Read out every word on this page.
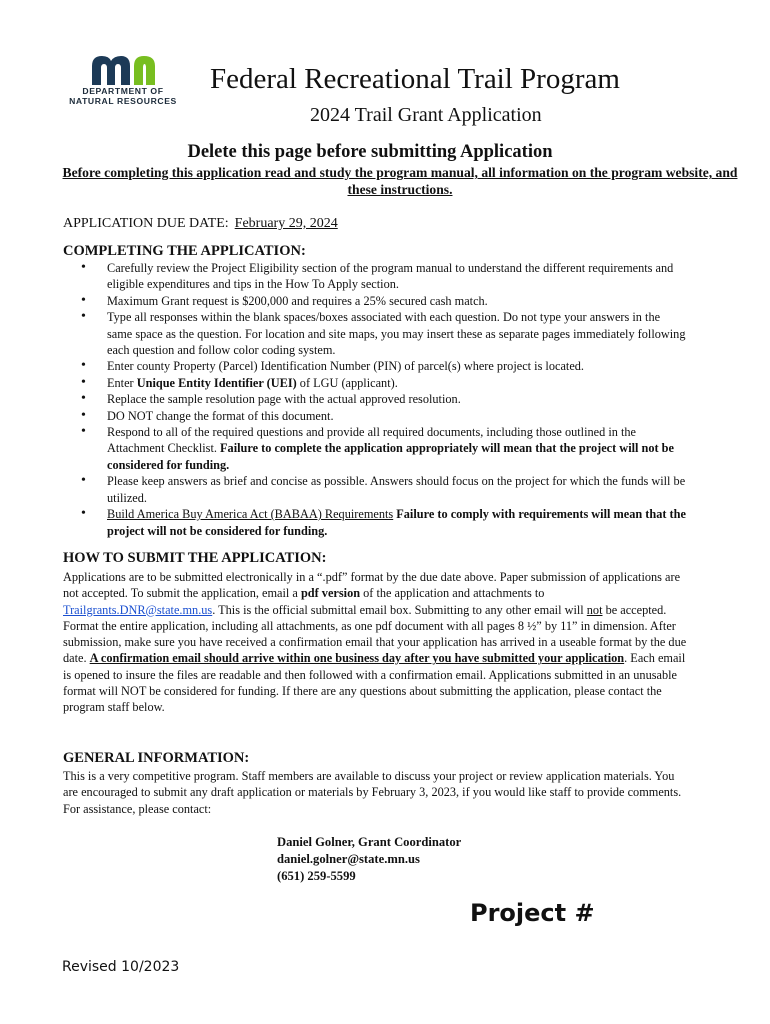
DEPARTMENT OF
NATURAL RESOURCES
Federal Recreational Trail Program
2024 Trail Grant Application
Delete this page before submitting Application
Before completing this application read and study the program manual, all information on the program website, and these instructions.
APPLICATION DUE DATE: February 29, 2024
COMPLETING THE APPLICATION:
• Carefully review the Project Eligibility section of the program manual to understand the different requirements and eligible expenditures and tips in the How To Apply section.
• Maximum Grant request is $200,000 and requires a 25% secured cash match.
• Type all responses within the blank spaces/boxes associated with each question. Do not type your answers in the same space as the question. For location and site maps, you may insert these as separate pages immediately following each question and follow color coding system.
• Enter county Property (Parcel) Identification Number (PIN) of parcel(s) where project is located.
• Enter Unique Entity Identifier (UEI) of LGU (applicant).
• Replace the sample resolution page with the actual approved resolution.
• DO NOT change the format of this document.
• Respond to all of the required questions and provide all required documents, including those outlined in the Attachment Checklist. Failure to complete the application appropriately will mean that the project will not be considered for funding.
• Please keep answers as brief and concise as possible. Answers should focus on the project for which the funds will be utilized.
• Build America Buy America Act (BABAA) Requirements Failure to comply with requirements will mean that the project will not be considered for funding.
HOW TO SUBMIT THE APPLICATION:
Applications are to be submitted electronically in a “.pdf” format by the due date above. Paper submission of applications are not accepted. To submit the application, email a pdf version of the application and attachments to Trailgrants.DNR@state.mn.us. This is the official submittal email box. Submitting to any other email will not be accepted. Format the entire application, including all attachments, as one pdf document with all pages 8 ½” by 11” in dimension. After submission, make sure you have received a confirmation email that your application has arrived in a useable format by the due date. A confirmation email should arrive within one business day after you have submitted your application. Each email is opened to insure the files are readable and then followed with a confirmation email. Applications submitted in an unusable format will NOT be considered for funding. If there are any questions about submitting the application, please contact the program staff below.
GENERAL INFORMATION:
This is a very competitive program. Staff members are available to discuss your project or review application materials. You are encouraged to submit any draft application or materials by February 3, 2023, if you would like staff to provide comments. For assistance, please contact:
Daniel Golner, Grant Coordinator
daniel.golner@state.mn.us
(651) 259-5599
Project #
Revised 10/2023
